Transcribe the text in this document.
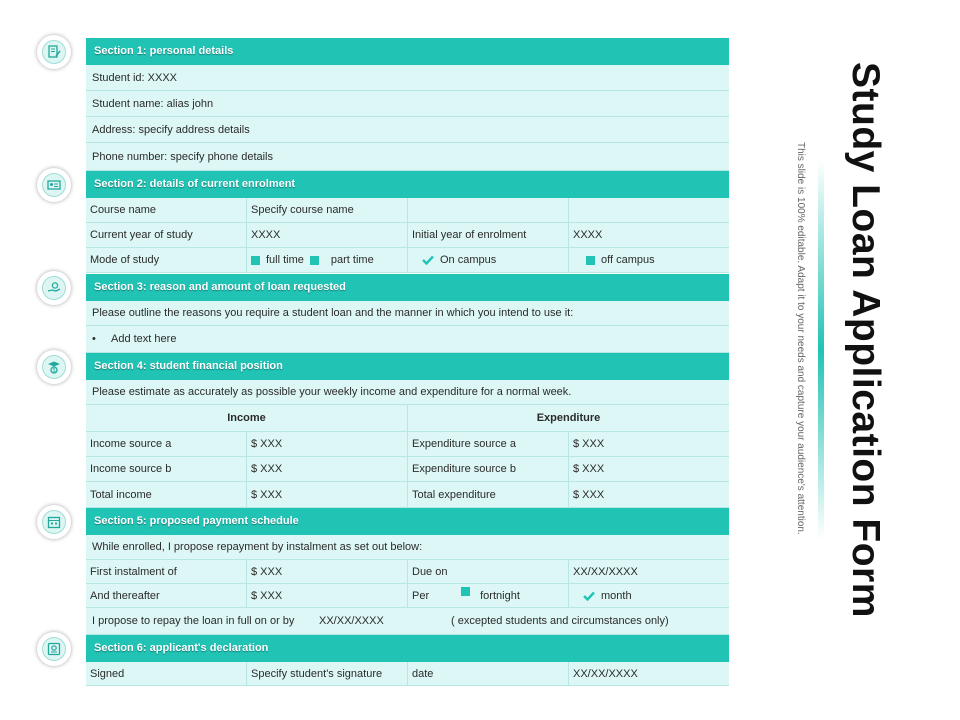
Study Loan Application Form
This slide is 100% editable. Adapt it to your needs and capture your audience's attention.
$
Section 1: personal details
Student id: XXXX
Student name: alias john
Address: specify address details
Phone number: specify phone details
Section 2: details of current enrolment
Course name	Specify course name
Current year of study	XXXX	Initial year of enrolment	XXXX
Mode of study	full time part time	On campus	off campus
Section 3: reason and amount of loan requested
Please outline the reasons you require a student loan and the manner in which you intend to use it:
• Add text here
Section 4: student financial position
Please estimate as accurately as possible your weekly income and expenditure for a normal week.
Income	Expenditure
Income source a	$ XXX	Expenditure source a	$ XXX
Income source b	$ XXX	Expenditure source b	$ XXX
Total income	$ XXX	Total expenditure	$ XXX
Section 5: proposed payment schedule
While enrolled, I propose repayment by instalment as set out below:
First instalment of	$ XXX	Due on	XX/XX/XXXX
And thereafter	$ XXX	Per	fortnight	month
I propose to repay the loan in full on or by XX/XX/XXXX	( excepted students and circumstances only)
Section 6: applicant's declaration
Signed	Specify student's signature	date	XX/XX/XXXX
